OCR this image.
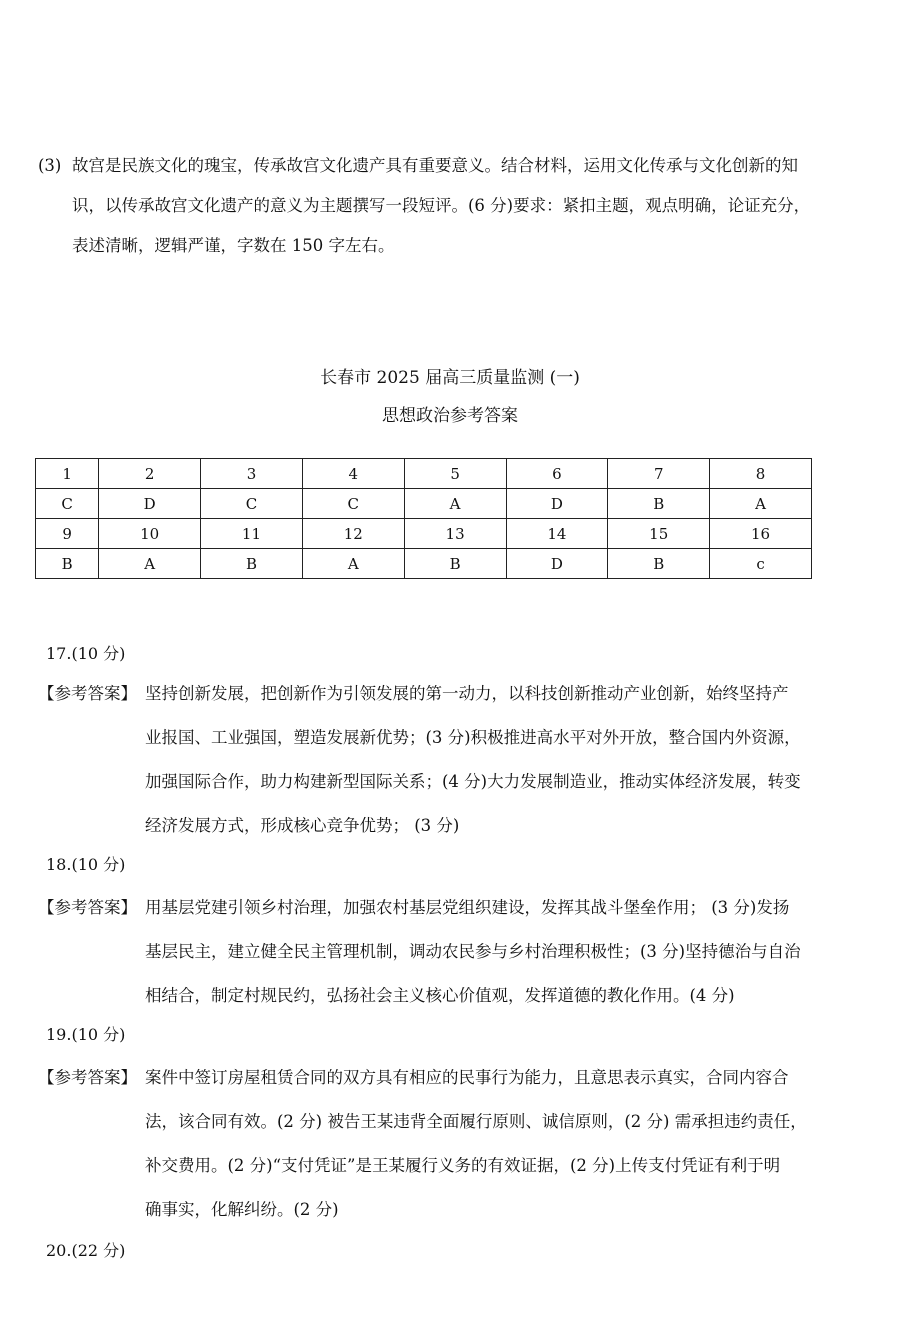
(3) 故宫是民族文化的瑰宝，传承故宫文化遗产具有重要意义。结合材料，运用文化传承与文化创新的知
识，以传承故宫文化遗产的意义为主题撰写一段短评。(6 分)要求：紧扣主题，观点明确，论证充分，
表述清晰，逻辑严谨，字数在 150 字左右。
长春市 2025 届高三质量监测 (一)
思想政治参考答案
1	2	3	4	5	6	7	8
C	D	C	C	A	D	B	A
9	10	11	12	13	14	15	16
B	A	B	A	B	D	B	c
17.(10 分)
【参考答案】 坚持创新发展，把创新作为引领发展的第一动力，以科技创新推动产业创新，始终坚持产
业报国、工业强国，塑造发展新优势；(3 分)积极推进高水平对外开放，整合国内外资源，
加强国际合作，助力构建新型国际关系；(4 分)大力发展制造业，推动实体经济发展，转变
经济发展方式，形成核心竞争优势； (3 分)
18.(10 分)
【参考答案】 用基层党建引领乡村治理，加强农村基层党组织建设，发挥其战斗堡垒作用； (3 分)发扬
基层民主，建立健全民主管理机制，调动农民参与乡村治理积极性；(3 分)坚持德治与自治
相结合，制定村规民约，弘扬社会主义核心价值观，发挥道德的教化作用。(4 分)
19.(10 分)
【参考答案】 案件中签订房屋租赁合同的双方具有相应的民事行为能力，且意思表示真实，合同内容合
法，该合同有效。(2 分) 被告王某违背全面履行原则、诚信原则，(2 分) 需承担违约责任，
补交费用。(2 分)“支付凭证”是王某履行义务的有效证据，(2 分)上传支付凭证有利于明
确事实，化解纠纷。(2 分)
20.(22 分)
